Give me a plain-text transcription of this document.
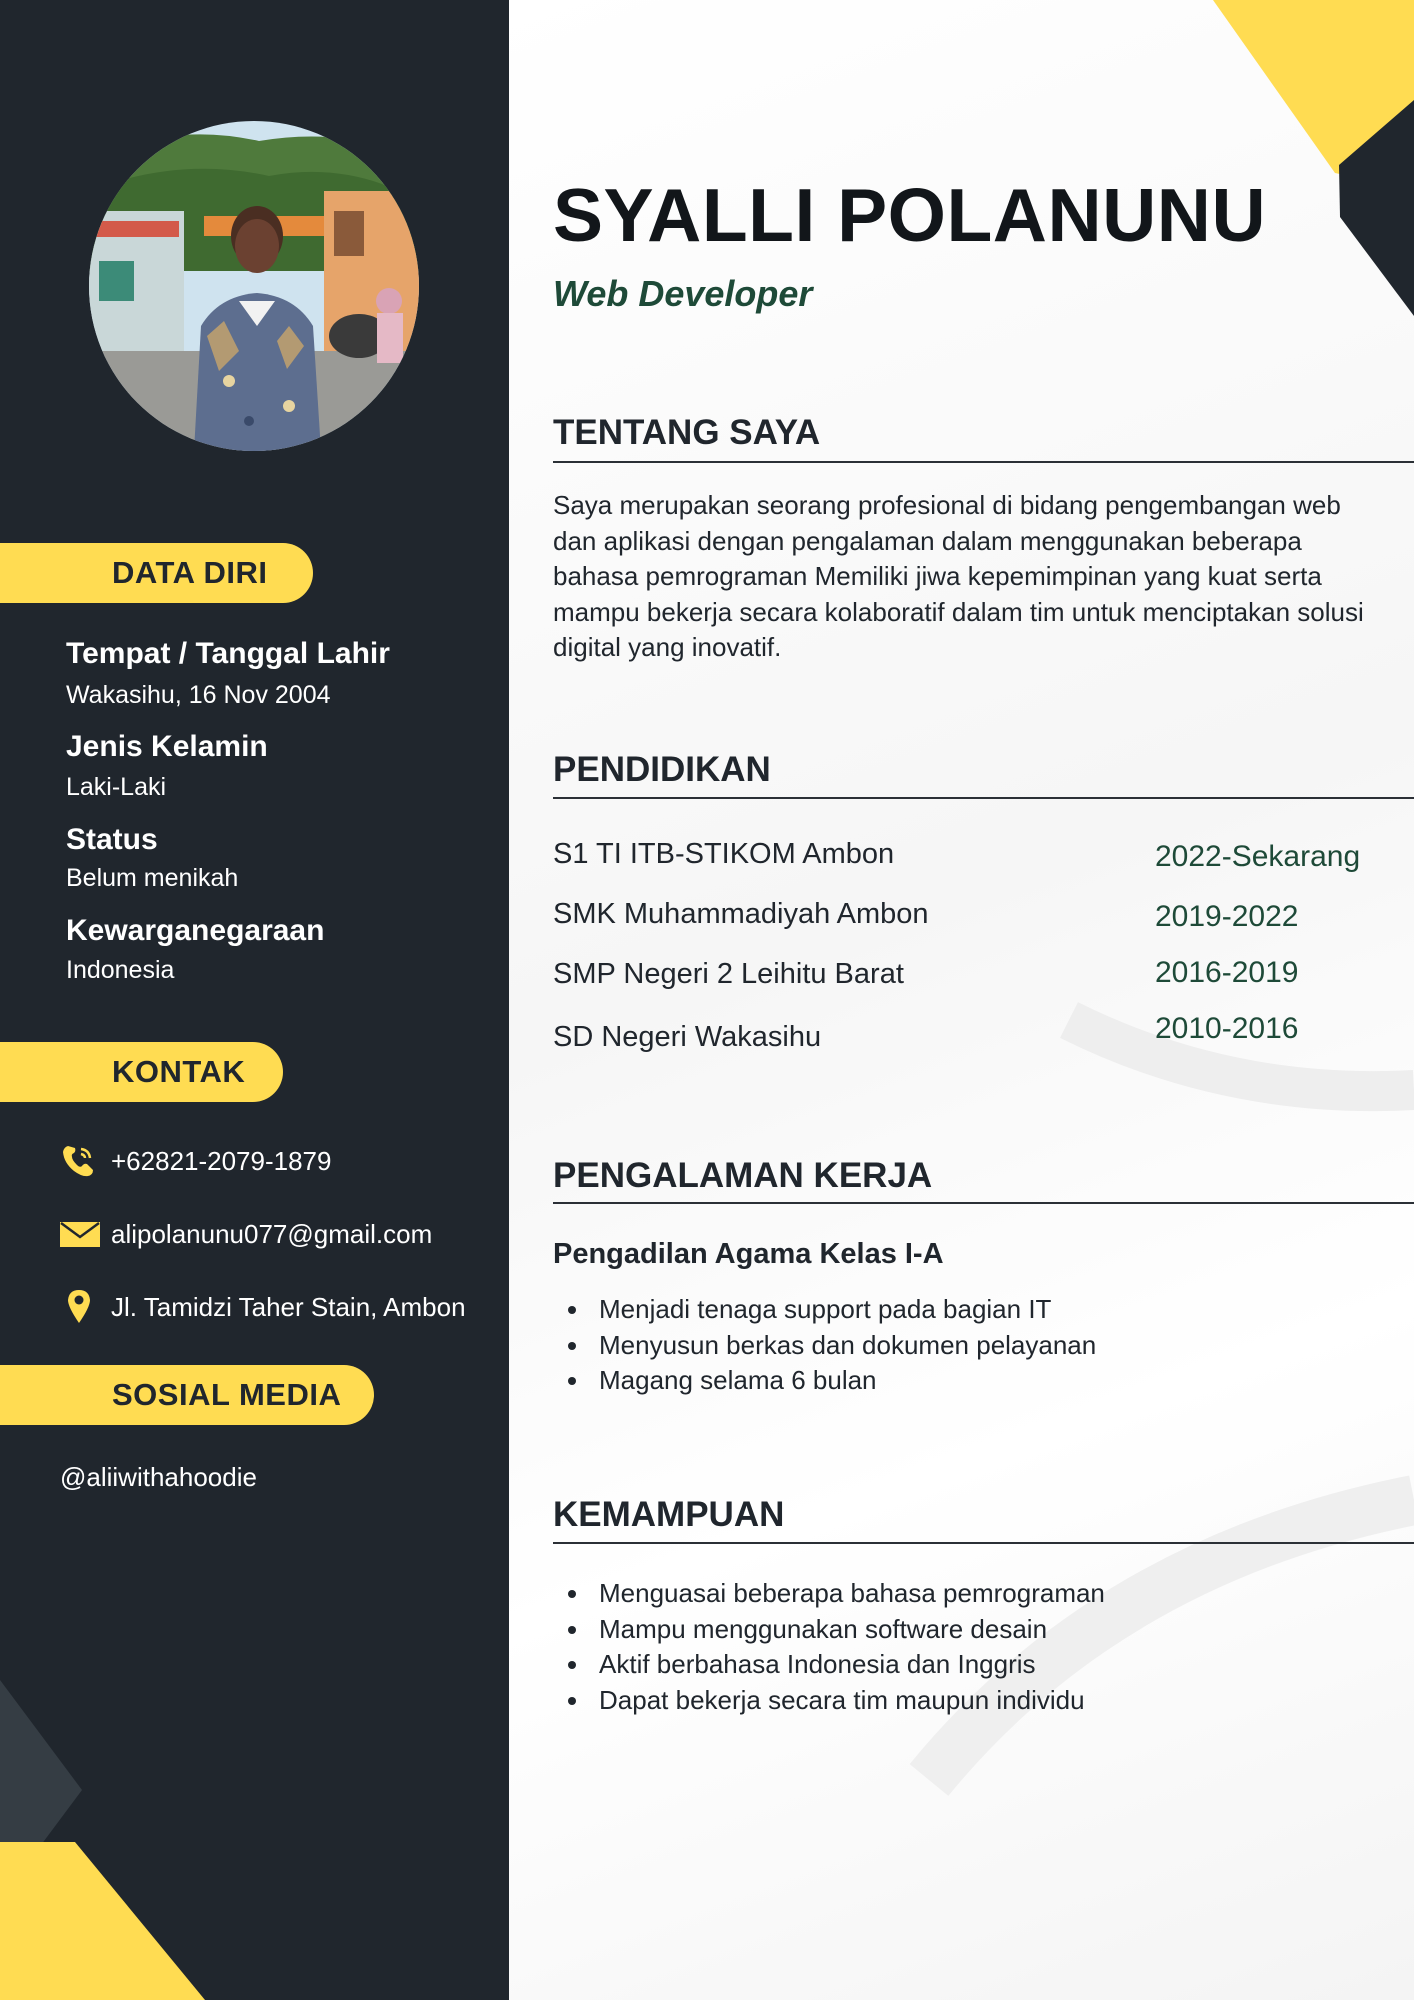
DATA DIRI
Tempat / Tanggal Lahir
Wakasihu, 16 Nov 2004
Jenis Kelamin
Laki-Laki
Status
Belum menikah
Kewarganegaraan
Indonesia
KONTAK
+62821-2079-1879
alipolanunu077@gmail.com
Jl. Tamidzi Taher Stain, Ambon
SOSIAL MEDIA
@aliiwithahoodie
SYALLI POLANUNU
Web Developer
TENTANG SAYA

Saya merupakan seorang profesional di bidang pengembangan web dan aplikasi dengan pengalaman dalam menggunakan beberapa bahasa pemrograman Memiliki jiwa kepemimpinan yang kuat serta mampu bekerja secara kolaboratif dalam tim untuk menciptakan solusi digital yang inovatif.

PENDIDIKAN
S1 TI ITB-STIKOM Ambon	2022-Sekarang
SMK Muhammadiyah Ambon	2019-2022
SMP Negeri 2 Leihitu Barat	2016-2019
SD Negeri Wakasihu	2010-2016
PENGALAMAN KERJA
Pengadilan Agama Kelas I-A
Menjadi tenaga support pada bagian IT
Menyusun berkas dan dokumen pelayanan
Magang selama 6 bulan
KEMAMPUAN
Menguasai beberapa bahasa pemrograman
Mampu menggunakan software desain
Aktif berbahasa Indonesia dan Inggris
Dapat bekerja secara tim maupun individu
